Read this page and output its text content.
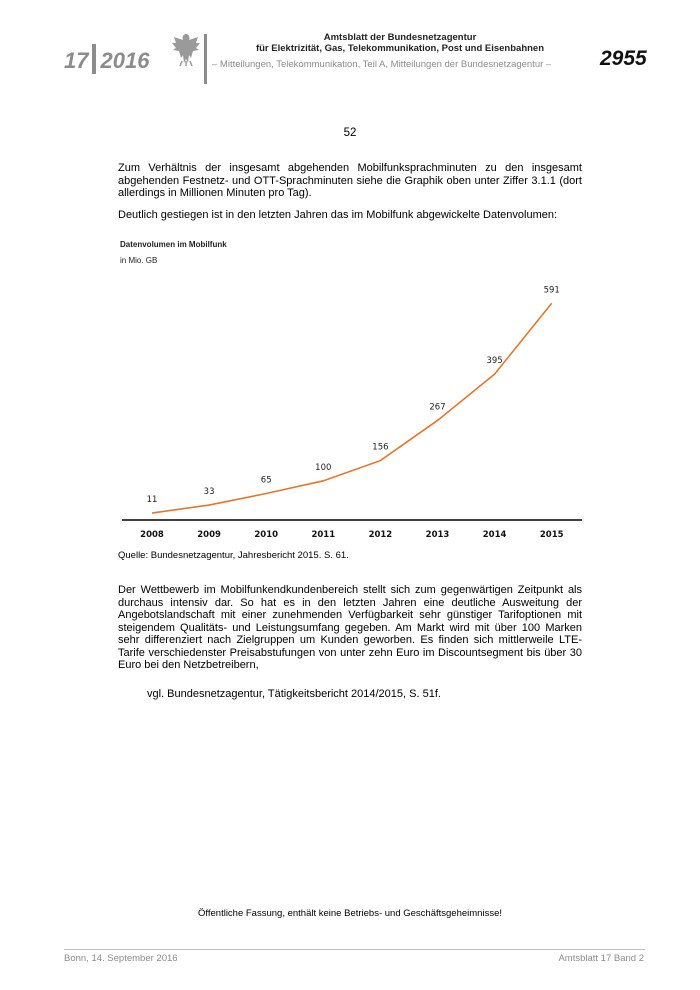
17 2016
Amtsblatt der Bundesnetzagentur
für Elektrizität, Gas, Telekommunikation, Post und Eisenbahnen
– Mitteilungen, Telekommunikation, Teil A, Mitteilungen der Bundesnetzagentur – 2955
52
Zum Verhältnis der insgesamt abgehenden Mobilfunksprachminuten zu den insgesamt abgehenden Festnetz- und OTT-Sprachminuten siehe die Graphik oben unter Ziffer 3.1.1 (dort allerdings in Millionen Minuten pro Tag).
Deutlich gestiegen ist in den letzten Jahren das im Mobilfunk abgewickelte Datenvolumen:
Datenvolumen im Mobilfunk
in Mio. GB
2008	2009	2010	2011	2012	2013	2014	2015
11
33
65
100
156
267
395
591
Quelle: Bundesnetzagentur, Jahresbericht 2015. S. 61.
Der Wettbewerb im Mobilfunkendkundenbereich stellt sich zum gegenwärtigen Zeitpunkt als durchaus intensiv dar. So hat es in den letzten Jahren eine deutliche Ausweitung der Angebotslandschaft mit einer zunehmenden Verfügbarkeit sehr günstiger Tarifoptionen mit steigendem Qualitäts- und Leistungsumfang gegeben. Am Markt wird mit über 100 Marken sehr differenziert nach Zielgruppen um Kunden geworben. Es finden sich mittlerweile LTE-Tarife verschiedenster Preisabstufungen von unter zehn Euro im Discountsegment bis über 30 Euro bei den Netzbetreibern,
vgl. Bundesnetzagentur, Tätigkeitsbericht 2014/2015, S. 51f.
Öffentliche Fassung, enthält keine Betriebs- und Geschäftsgeheimnisse!
Bonn, 14. September 2016	Amtsblatt 17 Band 2
